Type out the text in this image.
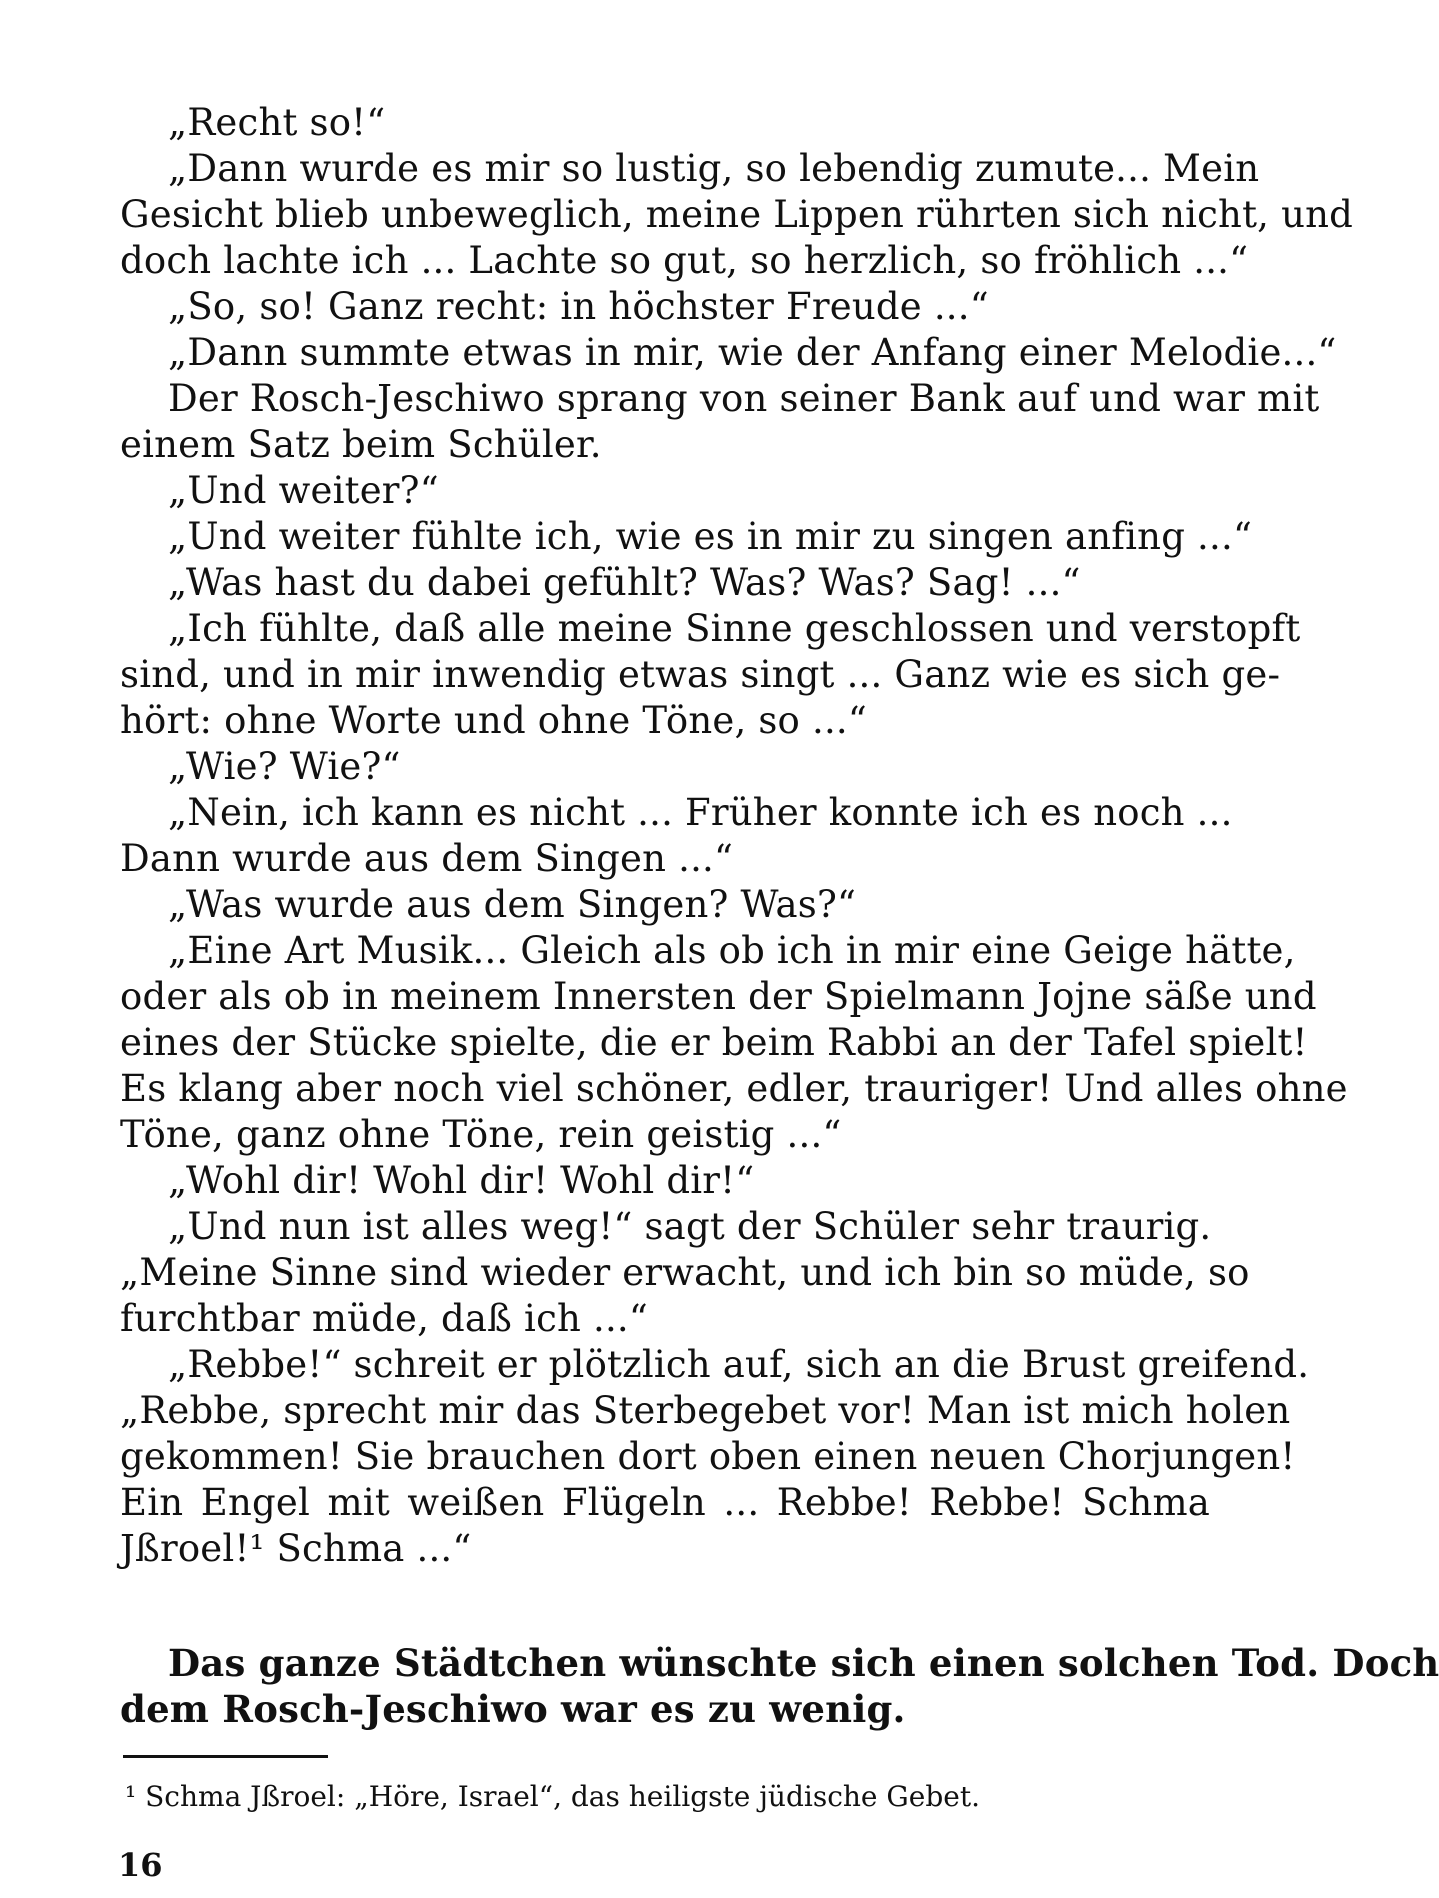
„Recht so!“
„Dann wurde es mir so lustig, so lebendig zumute... Mein
Gesicht blieb unbeweglich, meine Lippen rührten sich nicht, und
doch lachte ich ... Lachte so gut, so herzlich, so fröhlich ...“
„So, so! Ganz recht: in höchster Freude ...“
„Dann summte etwas in mir, wie der Anfang einer Melodie...“
Der Rosch-Jeschiwo sprang von seiner Bank auf und war mit
einem Satz beim Schüler.
„Und weiter?“
„Und weiter fühlte ich, wie es in mir zu singen anfing ...“
„Was hast du dabei gefühlt? Was? Was? Sag! ...“
„Ich fühlte, daß alle meine Sinne geschlossen und verstopft
sind, und in mir inwendig etwas singt ... Ganz wie es sich ge-
hört: ohne Worte und ohne Töne, so ...“
„Wie? Wie?“
„Nein, ich kann es nicht ... Früher konnte ich es noch ...
Dann wurde aus dem Singen ...“
„Was wurde aus dem Singen? Was?“
„Eine Art Musik... Gleich als ob ich in mir eine Geige hätte,
oder als ob in meinem Innersten der Spielmann Jojne säße und
eines der Stücke spielte, die er beim Rabbi an der Tafel spielt!
Es klang aber noch viel schöner, edler, trauriger! Und alles ohne
Töne, ganz ohne Töne, rein geistig ...“
„Wohl dir! Wohl dir! Wohl dir!“
„Und nun ist alles weg!“ sagt der Schüler sehr traurig.
„Meine Sinne sind wieder erwacht, und ich bin so müde, so
furchtbar müde, daß ich ...“
„Rebbe!“ schreit er plötzlich auf, sich an die Brust greifend.
„Rebbe, sprecht mir das Sterbegebet vor! Man ist mich holen
gekommen! Sie brauchen dort oben einen neuen Chorjungen!
Ein Engel mit weißen Flügeln ... Rebbe! Rebbe! Schma
Jßroel!¹ Schma ...“
Das ganze Städtchen wünschte sich einen solchen Tod. Doch
dem Rosch-Jeschiwo war es zu wenig.
¹ Schma Jßroel: „Höre, Israel“, das heiligste jüdische Gebet.
16
